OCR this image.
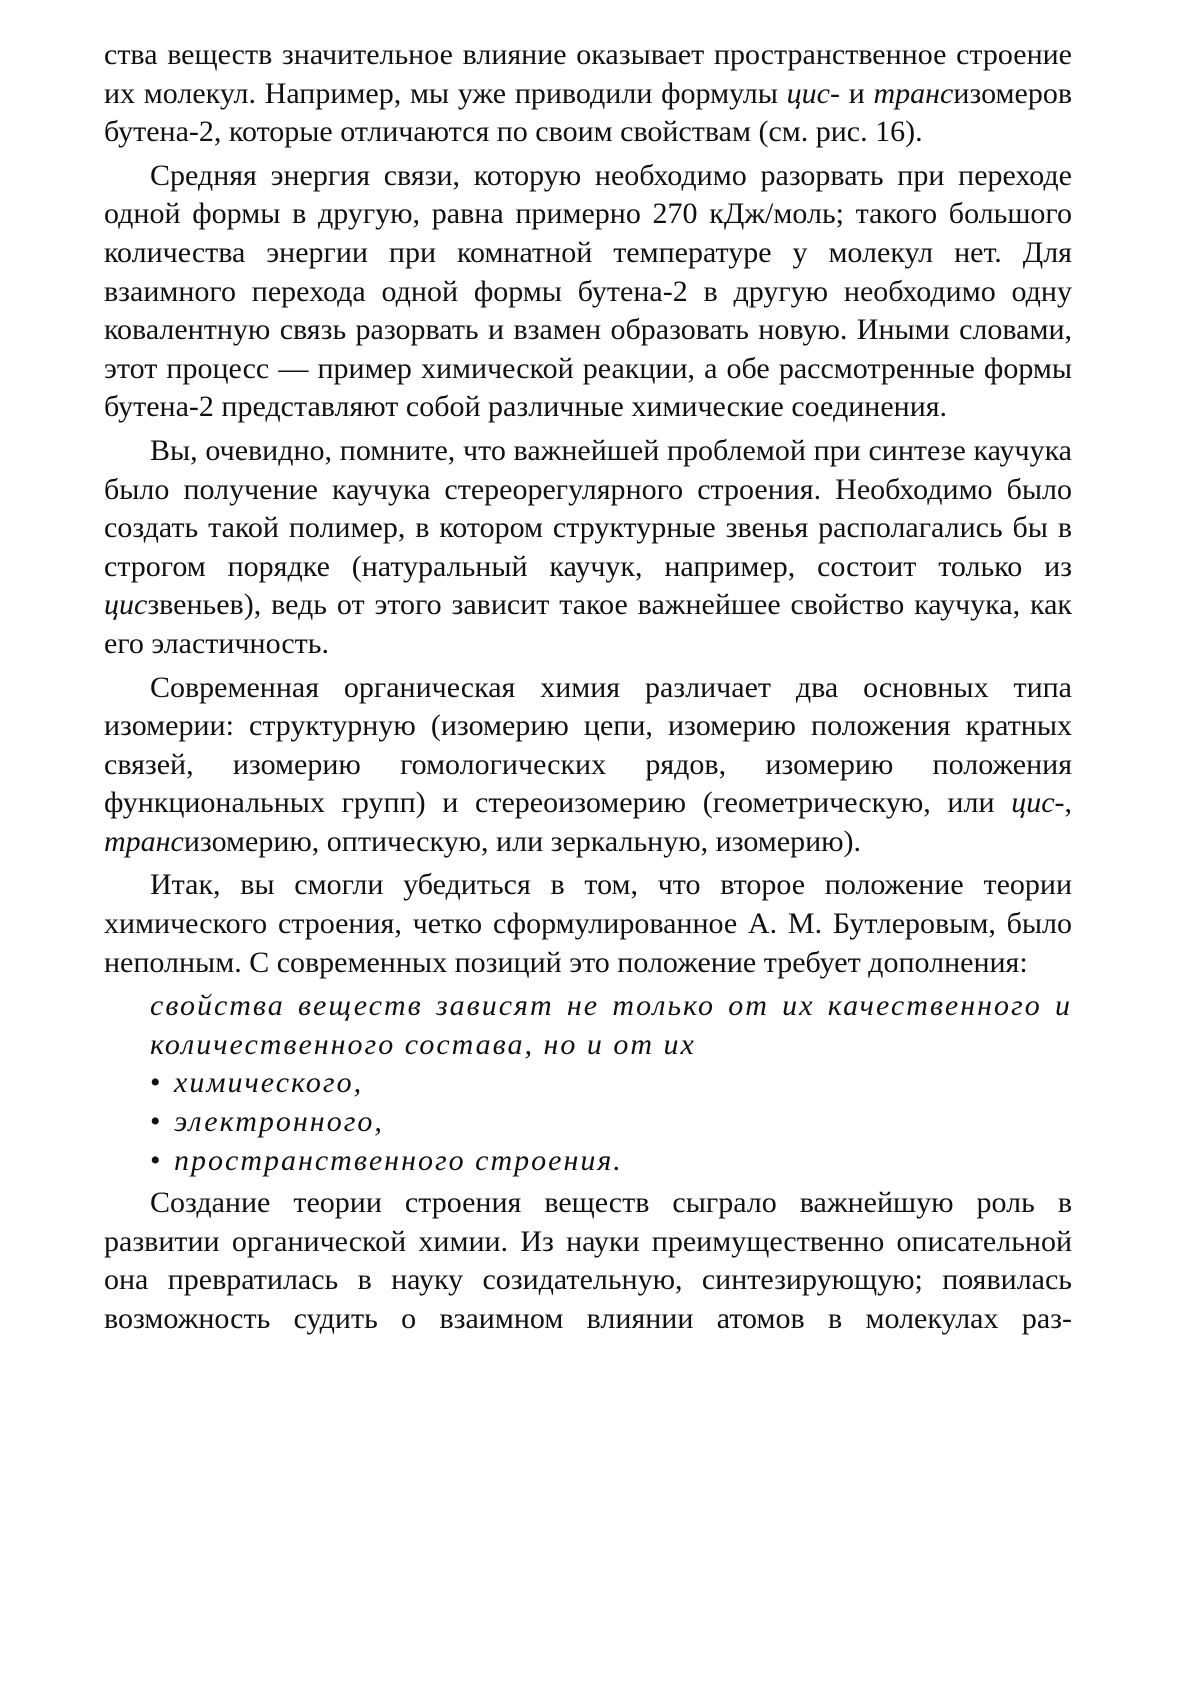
ства веществ значительное влияние оказывает пространственное строение их молекул. Например, мы уже приводили формулы цис- и трансизомеров бутена-2, которые отличаются по своим свойствам (см. рис. 16).

Средняя энергия связи, которую необходимо разорвать при переходе одной формы в другую, равна примерно 270 кДж/моль; такого большого количества энергии при комнатной температуре у молекул нет. Для взаимного перехода одной формы бутена-2 в другую необходимо одну ковалентную связь разорвать и взамен образовать новую. Иными словами, этот процесс — пример химической реакции, а обе рассмотренные формы бутена-2 представляют собой различные химические соединения.

Вы, очевидно, помните, что важнейшей проблемой при синтезе каучука было получение каучука стереорегулярного строения. Необходимо было создать такой полимер, в котором структурные звенья располагались бы в строгом порядке (натуральный каучук, например, состоит только из цисзвеньев), ведь от этого зависит такое важнейшее свойство каучука, как его эластичность.

Современная органическая химия различает два основных типа изомерии: структурную (изомерию цепи, изомерию положения кратных связей, изомерию гомологических рядов, изомерию положения функциональных групп) и стереоизомерию (геометрическую, или цис-, трансизомерию, оптическую, или зеркальную, изомерию).

Итак, вы смогли убедиться в том, что второе положение теории химического строения, четко сформулированное А. М. Бутлеровым, было неполным. С современных позиций это положение требует дополнения:

свойства веществ зависят не только от их качественного и количественного состава, но и от их

• химического,
• электронного,
• пространственного строения.

Создание теории строения веществ сыграло важнейшую роль в развитии органической химии. Из науки преимущественно описательной она превратилась в науку созидательную, синтезирующую; появилась возможность судить о взаимном влиянии атомов в молекулах раз-
